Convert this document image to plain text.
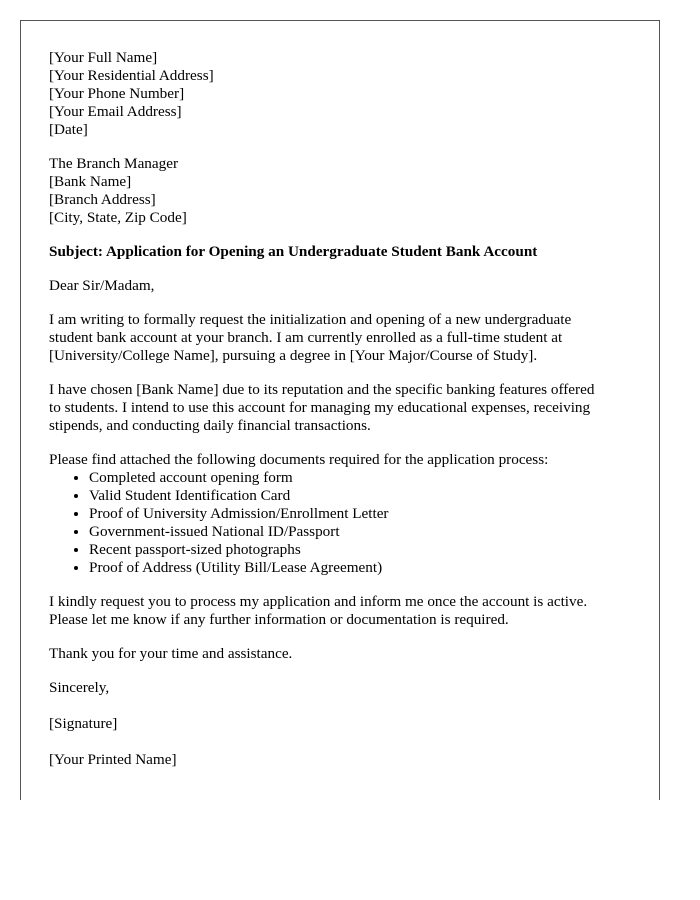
[Your Full Name]
[Your Residential Address]
[Your Phone Number]
[Your Email Address]
[Date]
The Branch Manager
[Bank Name]
[Branch Address]
[City, State, Zip Code]
Subject: Application for Opening an Undergraduate Student Bank Account
Dear Sir/Madam,
I am writing to formally request the initialization and opening of a new undergraduate
student bank account at your branch. I am currently enrolled as a full-time student at
[University/College Name], pursuing a degree in [Your Major/Course of Study].
I have chosen [Bank Name] due to its reputation and the specific banking features offered
to students. I intend to use this account for managing my educational expenses, receiving
stipends, and conducting daily financial transactions.
Please find attached the following documents required for the application process:
• Completed account opening form
• Valid Student Identification Card
• Proof of University Admission/Enrollment Letter
• Government-issued National ID/Passport
• Recent passport-sized photographs
• Proof of Address (Utility Bill/Lease Agreement)
I kindly request you to process my application and inform me once the account is active.
Please let me know if any further information or documentation is required.
Thank you for your time and assistance.
Sincerely,
[Signature]
[Your Printed Name]
